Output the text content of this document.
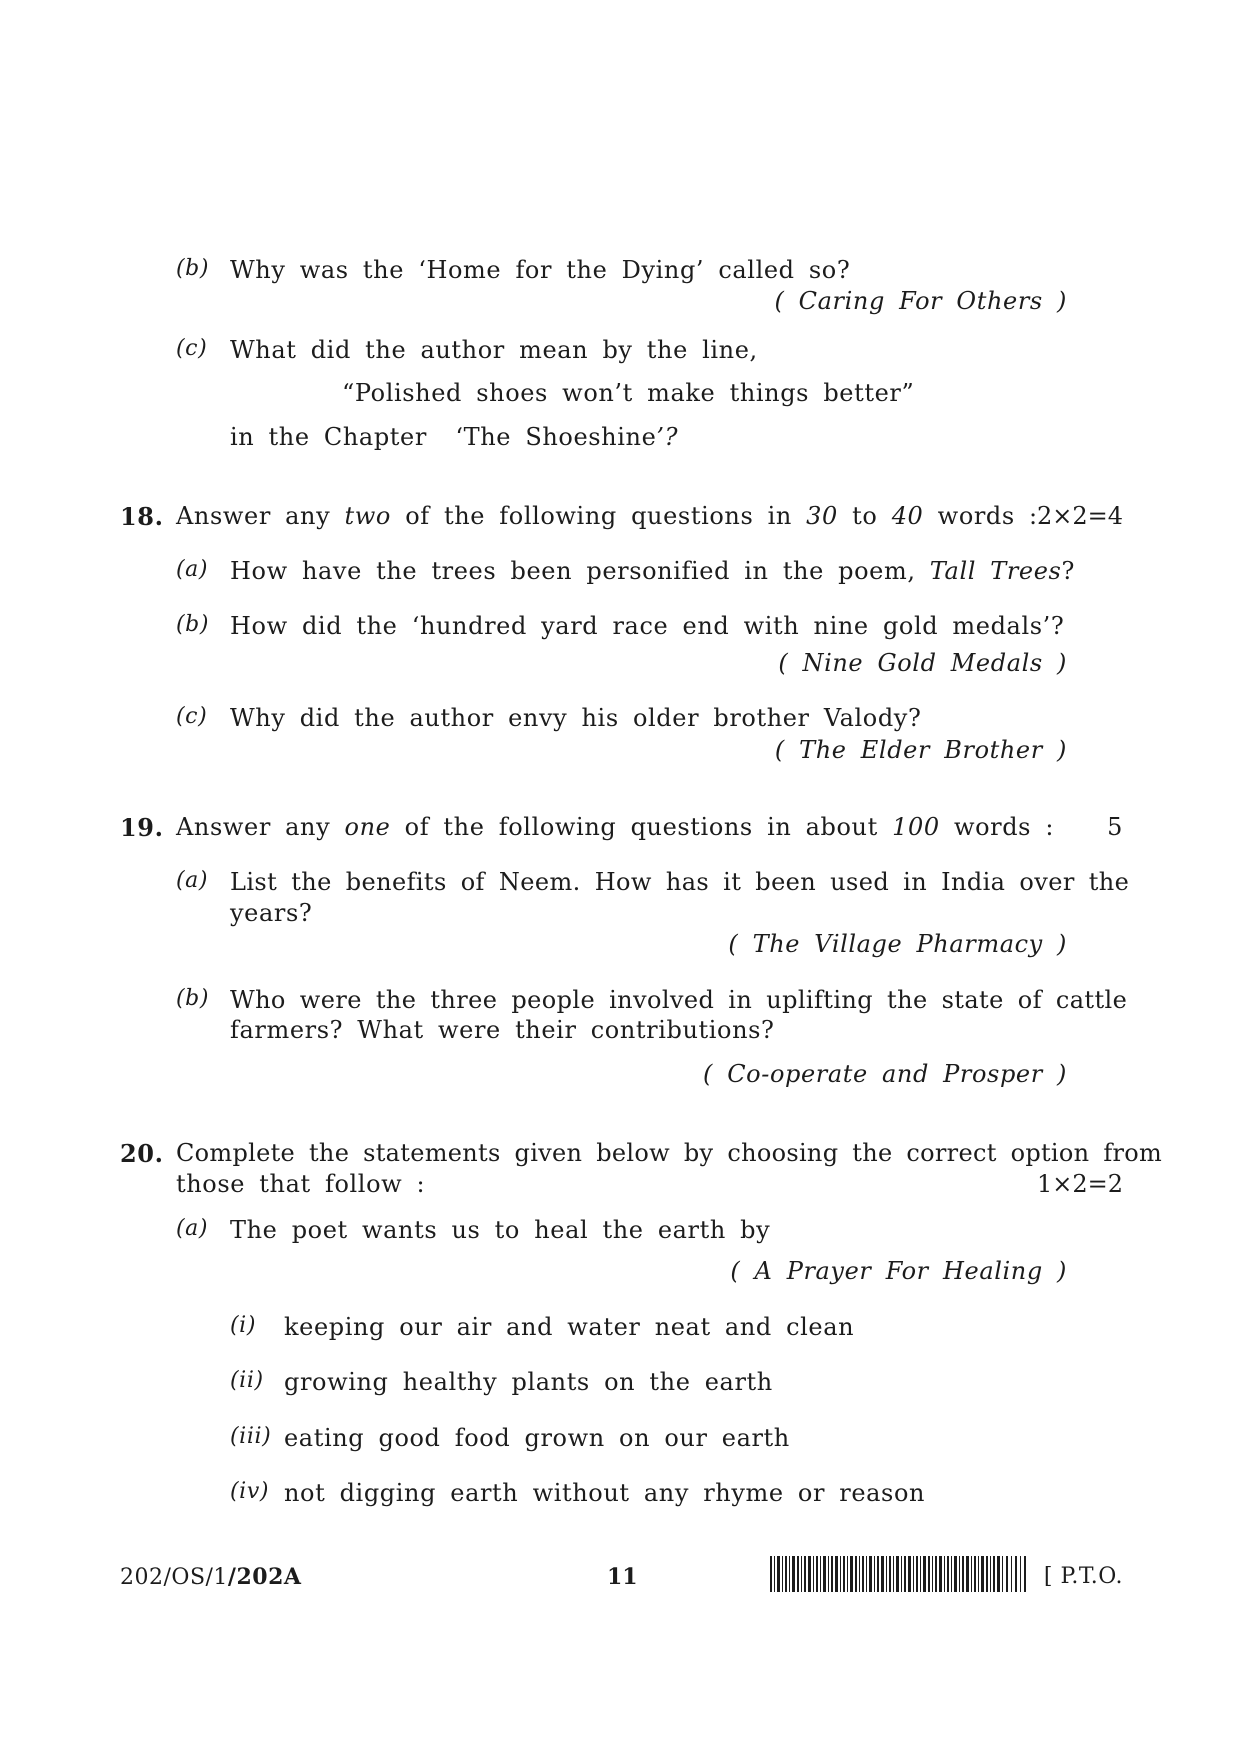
(b) Why was the ‘Home for the Dying’ called so?
( Caring For Others )
(c) What did the author mean by the line,
“Polished shoes won’t make things better”
in the Chapter ‘The Shoeshine’?
18. Answer any two of the following questions in 30 to 40 words : 2×2=4
(a) How have the trees been personified in the poem, Tall Trees?
(b) How did the ‘hundred yard race end with nine gold medals’?
( Nine Gold Medals )
(c) Why did the author envy his older brother Valody?
( The Elder Brother )
19. Answer any one of the following questions in about 100 words : 5
(a) List the benefits of Neem. How has it been used in India over the
years?
( The Village Pharmacy )
(b) Who were the three people involved in uplifting the state of cattle
farmers? What were their contributions?
( Co-operate and Prosper )
20. Complete the statements given below by choosing the correct option from
those that follow :	1×2=2
(a) The poet wants us to heal the earth by
( A Prayer For Healing )
(i) keeping our air and water neat and clean
(ii) growing healthy plants on the earth
(iii) eating good food grown on our earth
(iv) not digging earth without any rhyme or reason
202/OS/1/202A	11	[ P.T.O.
